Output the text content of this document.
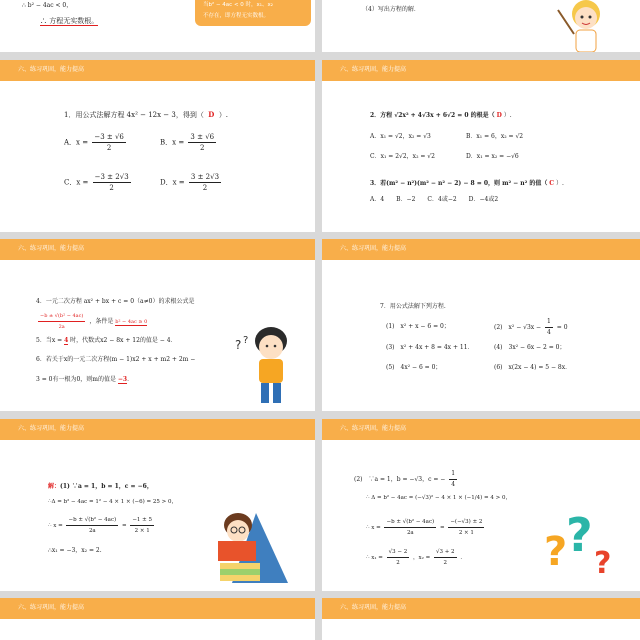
∴ b² − 4ac < 0，
∴ 方程无实数根。
当b² − 4ac < 0 时，x₁、x₂
不存在，即方程无实数根。
（4）写出方程的解．
六、练习巩固，能力提高
1．用公式法解方程 4x² − 12x − 3，得到（ D ）.
A．$x = \frac{-3 \pm √6}{2}$	B．$x = \frac{3 \pm √6}{2}$
C．$x = \frac{-3 \pm 2√3}{2}$	D．$x = \frac{3 \pm 2√3}{2}$
六、练习巩固，能力提高
2．方程 √2x² + 4√3x + 6√2 = 0 的根是（ D ）.
A．x₁ = √2，x₂ = √3	B．x₁ = 6，x₂ = √2
C．x₁ = 2√2，x₂ = √2	D．x₁ = x₂ = −√6
3．若(m² − n²)(m² − n² − 2) − 8 = 0，则 m² − n² 的值（ C ）.
A．4　　B．−2　　C．4或−2　　D．−4或2
六、练习巩固，能力提高
4．一元二次方程 ax² + bx + c = 0（a≠0）的求根公式是
$\frac{\text{−b ± √(b² − 4ac)}}{2a}$ ，条件是 b² − 4ac ≥ 0
5．当x = 4 时，代数式x2 − 8x + 12的值是 − 4．
6．若关于x的一元二次方程(m − 1)x2 + x + m2 + 2m −
3 = 0有一根为0，则m的值是 −3．
? ?
六、练习巩固，能力提高
7．用公式法解下列方程.
(1)　x² + x − 6 = 0；	(2)　$x^2 - √3x - \frac{1}{4} = 0$
(3)　x² + 4x + 8 = 4x + 11．	(4)　3x² − 6x − 2 = 0；
(5)　4x² − 6 = 0；	(6)　x(2x − 4) = 5 − 8x．
六、练习巩固，能力提高
解：(1) ∵a = 1，b = 1，c = −6，
∴Δ = b² − 4ac = 1² − 4 × 1 × (−6) = 25 > 0，
∴ $x = \frac{\text{−b ± √(b² − 4ac)}}{2a} = \frac{-1 \pm 5}{2 \times 1}$
∴x₁ = −3，x₂ = 2.
六、练习巩固，能力提高
(2)　∵a = 1，b = −√3，c = − $\frac{1}{4}$
∴ Δ = b² − 4ac = (−√3)² − 4 × 1 × (−1/4) = 4 > 0，
∴ $x = \frac{\text{−b ± √(b² − 4ac)}}{2a} = \frac{-(-√3) \pm 2}{2 \times 1}$
∴ $x_1 = \frac{√3 - 2}{2}$ ，$x_2 = \frac{√3 + 2}{2}$ . ?
?
?
六、练习巩固，能力提高	六、练习巩固，能力提高
